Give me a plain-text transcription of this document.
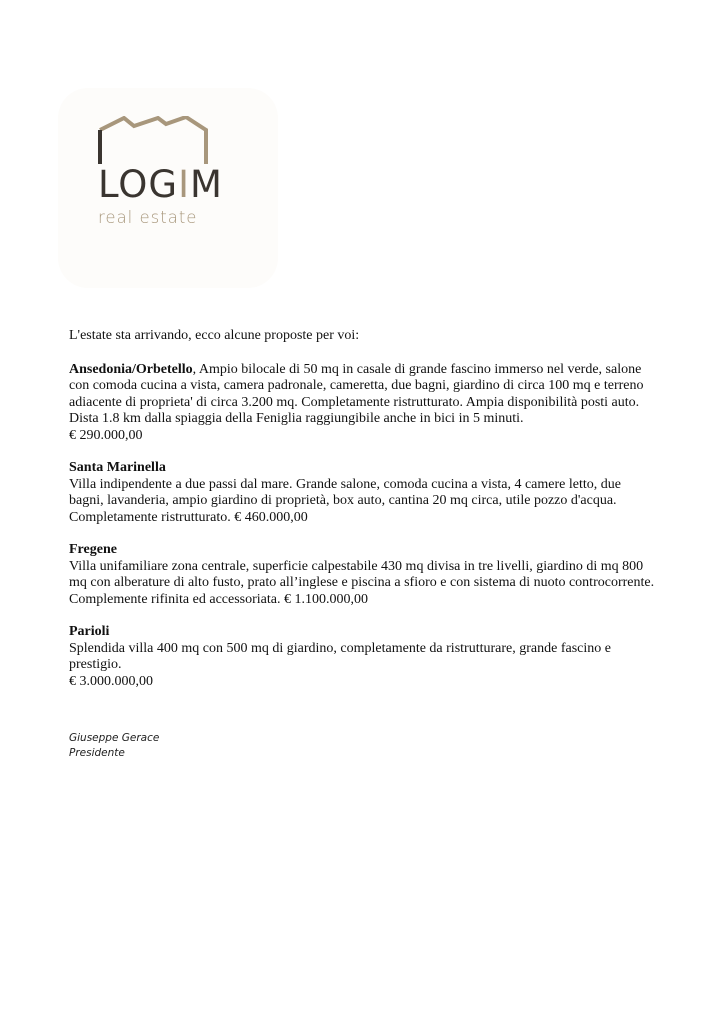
LOGIM
real estate

L'estate sta arrivando, ecco alcune proposte per voi:

Ansedonia/Orbetello, Ampio bilocale di 50 mq in casale di grande fascino immerso nel verde, salone con comoda cucina a vista, camera padronale, cameretta, due bagni, giardino di circa 100 mq e terreno adiacente di proprieta' di circa 3.200 mq. Completamente ristrutturato. Ampia disponibilità posti auto. Dista 1.8 km dalla spiaggia della Feniglia raggiungibile anche in bici in 5 minuti.

€ 290.000,00

Santa Marinella

Villa indipendente a due passi dal mare. Grande salone, comoda cucina a vista, 4 camere letto, due bagni, lavanderia, ampio giardino di proprietà, box auto, cantina 20 mq circa, utile pozzo d'acqua. Completamente ristrutturato. € 460.000,00

Fregene

Villa unifamiliare zona centrale, superficie calpestabile 430 mq divisa in tre livelli, giardino di mq 800 mq con alberature di alto fusto, prato all’inglese e piscina a sfioro e con sistema di nuoto controcorrente. Complemente rifinita ed accessoriata. € 1.100.000,00

Parioli

Splendida villa 400 mq con 500 mq di giardino, completamente da ristrutturare, grande fascino e prestigio.

€ 3.000.000,00

Giuseppe Gerace
Presidente
